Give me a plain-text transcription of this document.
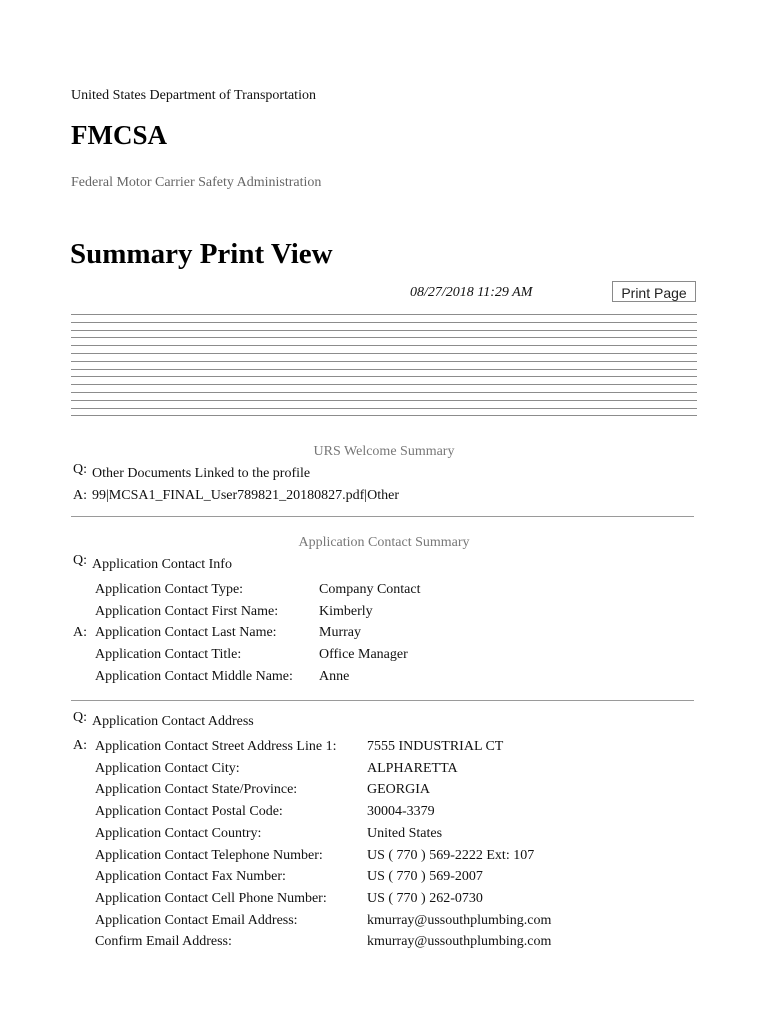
United States Department of Transportation
FMCSA
Federal Motor Carrier Safety Administration
Summary Print View
08/27/2018 11:29 AM	Print Page
URS Welcome Summary
Q: Other Documents Linked to the profile
A: 99|MCSA1_FINAL_User789821_20180827.pdf|Other
Application Contact Summary
Q: Application Contact Info
A:
Application Contact Type:	Company Contact
Application Contact First Name:	Kimberly
Application Contact Last Name:	Murray
Application Contact Title:	Office Manager
Application Contact Middle Name: Anne
Q: Application Contact Address
A: Application Contact Street Address Line 1: 7555 INDUSTRIAL CT
Application Contact City:	ALPHARETTA
Application Contact State/Province:	GEORGIA
Application Contact Postal Code:	30004-3379
Application Contact Country:	United States
Application Contact Telephone Number:	US ( 770 ) 569-2222 Ext: 107
Application Contact Fax Number:	US ( 770 ) 569-2007
Application Contact Cell Phone Number:	US ( 770 ) 262-0730
Application Contact Email Address:	kmurray@ussouthplumbing.com
Confirm Email Address:	kmurray@ussouthplumbing.com
